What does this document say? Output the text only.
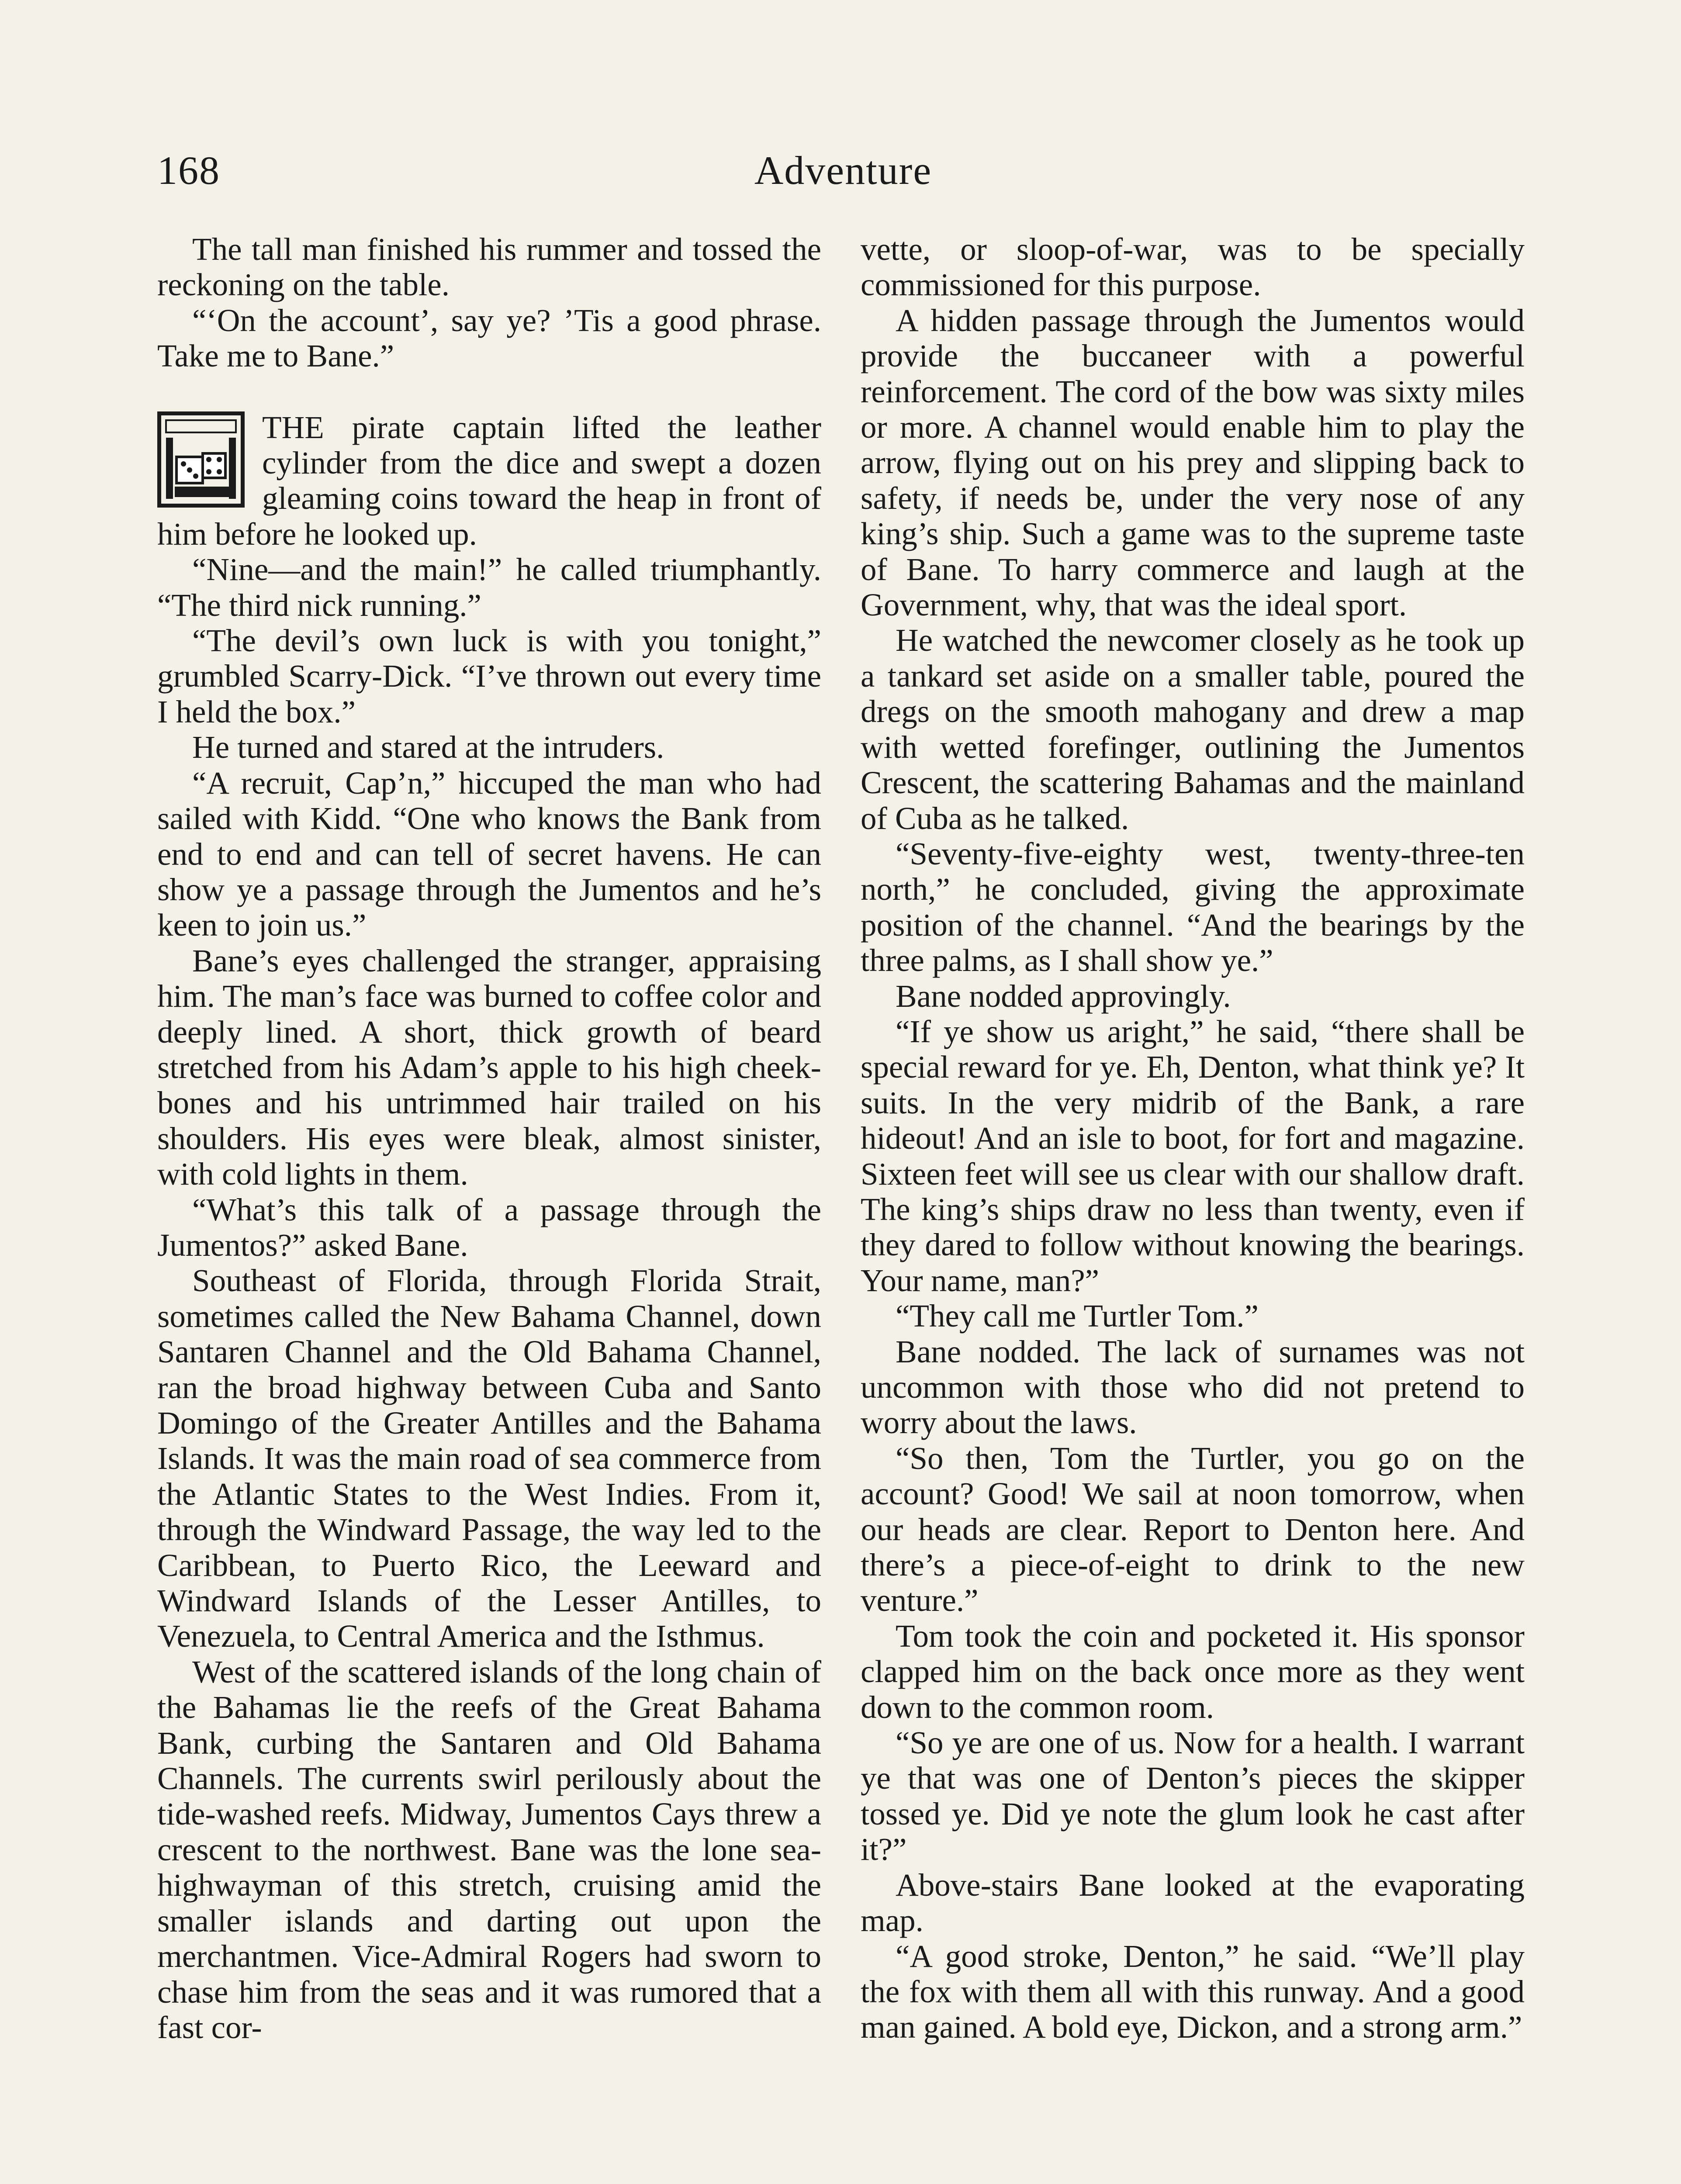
168	Adventure

The tall man finished his rummer and tossed the reckoning on the table.

“‘On the account’, say ye? ’Tis a good phrase. Take me to Bane.”

THE pirate captain lifted the leather cylinder from the dice and swept a dozen gleaming coins toward the heap in front of him before he looked up.

“Nine—and the main!” he called triumphantly. “The third nick running.”

“The devil’s own luck is with you tonight,” grumbled Scarry-Dick. “I’ve thrown out every time I held the box.”

He turned and stared at the intruders.

“A recruit, Cap’n,” hiccuped the man who had sailed with Kidd. “One who knows the Bank from end to end and can tell of secret havens. He can show ye a passage through the Jumentos and he’s keen to join us.”

Bane’s eyes challenged the stranger, appraising him. The man’s face was burned to coffee color and deeply lined. A short, thick growth of beard stretched from his Adam’s apple to his high cheek-bones and his untrimmed hair trailed on his shoulders. His eyes were bleak, almost sinister, with cold lights in them.

“What’s this talk of a passage through the Jumentos?” asked Bane.

Southeast of Florida, through Florida Strait, sometimes called the New Bahama Channel, down Santaren Channel and the Old Bahama Channel, ran the broad highway between Cuba and Santo Domingo of the Greater Antilles and the Bahama Islands. It was the main road of sea commerce from the Atlantic States to the West Indies. From it, through the Windward Passage, the way led to the Caribbean, to Puerto Rico, the Leeward and Windward Islands of the Lesser Antilles, to Venezuela, to Central America and the Isthmus.

West of the scattered islands of the long chain of the Bahamas lie the reefs of the Great Bahama Bank, curbing the Santaren and Old Bahama Channels. The currents swirl perilously about the tide-washed reefs. Midway, Jumentos Cays threw a crescent to the northwest. Bane was the lone sea-highwayman of this stretch, cruising amid the smaller islands and darting out upon the merchantmen. Vice-Admiral Rogers had sworn to chase him from the seas and it was rumored that a fast cor-

vette, or sloop-of-war, was to be specially commissioned for this purpose.

A hidden passage through the Jumentos would provide the buccaneer with a powerful reinforcement. The cord of the bow was sixty miles or more. A channel would enable him to play the arrow, flying out on his prey and slipping back to safety, if needs be, under the very nose of any king’s ship. Such a game was to the supreme taste of Bane. To harry commerce and laugh at the Government, why, that was the ideal sport.

He watched the newcomer closely as he took up a tankard set aside on a smaller table, poured the dregs on the smooth mahogany and drew a map with wetted forefinger, outlining the Jumentos Crescent, the scattering Bahamas and the mainland of Cuba as he talked.

“Seventy-five-eighty west, twenty-three-ten north,” he concluded, giving the approximate position of the channel. “And the bearings by the three palms, as I shall show ye.”

Bane nodded approvingly.

“If ye show us aright,” he said, “there shall be special reward for ye. Eh, Denton, what think ye? It suits. In the very midrib of the Bank, a rare hideout! And an isle to boot, for fort and magazine. Sixteen feet will see us clear with our shallow draft. The king’s ships draw no less than twenty, even if they dared to follow without knowing the bearings. Your name, man?”

“They call me Turtler Tom.”

Bane nodded. The lack of surnames was not uncommon with those who did not pretend to worry about the laws.

“So then, Tom the Turtler, you go on the account? Good! We sail at noon tomorrow, when our heads are clear. Report to Denton here. And there’s a piece-of-eight to drink to the new venture.”

Tom took the coin and pocketed it. His sponsor clapped him on the back once more as they went down to the common room.

“So ye are one of us. Now for a health. I warrant ye that was one of Denton’s pieces the skipper tossed ye. Did ye note the glum look he cast after it?”

Above-stairs Bane looked at the evaporating map.

“A good stroke, Denton,” he said. “We’ll play the fox with them all with this runway. And a good man gained. A bold eye, Dickon, and a strong arm.”
